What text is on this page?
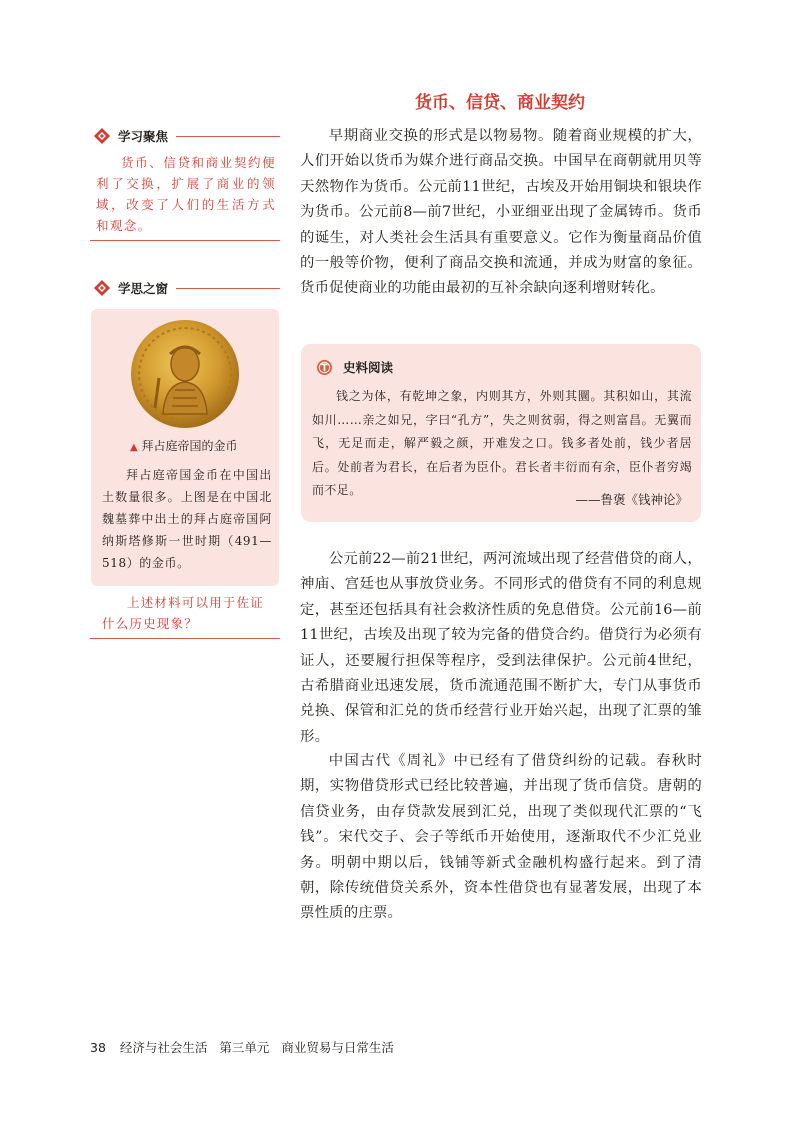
货币、信贷、商业契约

早期商业交换的形式是以物易物。随着商业规模的扩大，人们开始以货币为媒介进行商品交换。中国早在商朝就用贝等天然物作为货币。公元前11世纪，古埃及开始用铜块和银块作为货币。公元前8—前7世纪，小亚细亚出现了金属铸币。货币的诞生，对人类社会生活具有重要意义。它作为衡量商品价值的一般等价物，便利了商品交换和流通，并成为财富的象征。货币促使商业的功能由最初的互补余缺向逐利增财转化。

史料阅读

钱之为体，有乾坤之象，内则其方，外则其圜。其积如山，其流如川……亲之如兄，字曰“孔方”，失之则贫弱，得之则富昌。无翼而飞，无足而走，解严毅之颜，开难发之口。钱多者处前，钱少者居后。处前者为君长，在后者为臣仆。君长者丰衍而有余，臣仆者穷竭而不足。

——鲁褒《钱神论》

公元前22—前21世纪，两河流域出现了经营借贷的商人，神庙、宫廷也从事放贷业务。不同形式的借贷有不同的利息规定，甚至还包括具有社会救济性质的免息借贷。公元前16—前11世纪，古埃及出现了较为完备的借贷合约。借贷行为必须有证人，还要履行担保等程序，受到法律保护。公元前4世纪，古希腊商业迅速发展，货币流通范围不断扩大，专门从事货币兑换、保管和汇兑的货币经营行业开始兴起，出现了汇票的雏形。

中国古代《周礼》中已经有了借贷纠纷的记载。春秋时期，实物借贷形式已经比较普遍，并出现了货币信贷。唐朝的信贷业务，由存贷款发展到汇兑，出现了类似现代汇票的“飞钱”。宋代交子、会子等纸币开始使用，逐渐取代不少汇兑业务。明朝中期以后，钱铺等新式金融机构盛行起来。到了清朝，除传统借贷关系外，资本性借贷也有显著发展，出现了本票性质的庄票。

学习聚焦

货币、信贷和商业契约便利了交换，扩展了商业的领域，改变了人们的生活方式和观念。

学思之窗

▲ 拜占庭帝国的金币

拜占庭帝国金币在中国出土数量很多。上图是在中国北魏墓葬中出土的拜占庭帝国阿纳斯塔修斯一世时期（491—518）的金币。

上述材料可以用于佐证什么历史现象？

38 经济与社会生活 第三单元 商业贸易与日常生活
